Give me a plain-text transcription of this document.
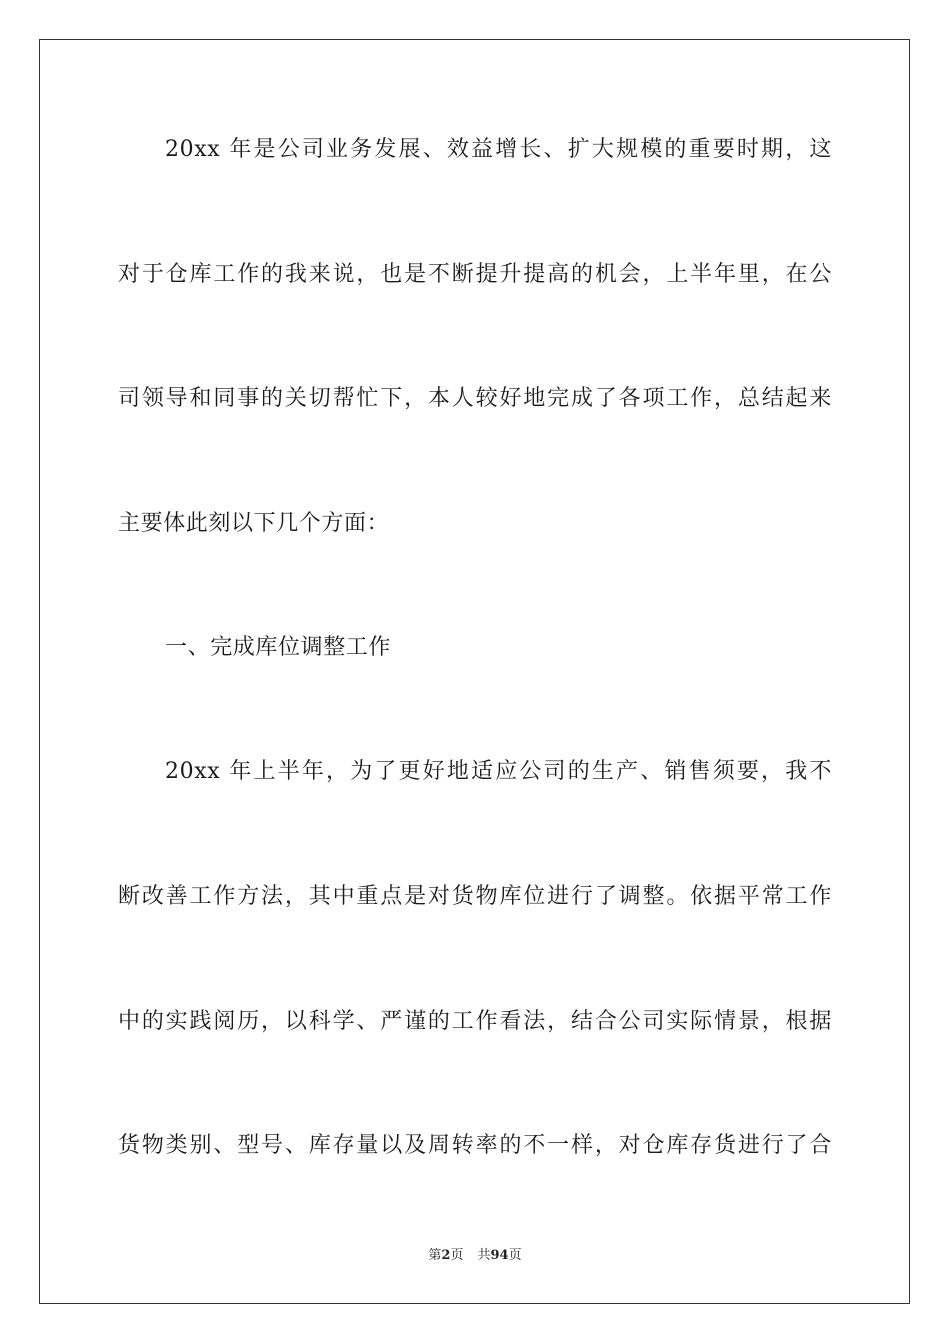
20xx 年是公司业务发展、效益增长、扩大规模的重要时期，这
对于仓库工作的我来说，也是不断提升提高的机会，上半年里，在公
司领导和同事的关切帮忙下，本人较好地完成了各项工作，总结起来
主要体此刻以下几个方面：
一、完成库位调整工作
20xx 年上半年，为了更好地适应公司的生产、销售须要，我不
断改善工作方法，其中重点是对货物库位进行了调整。依据平常工作
中的实践阅历，以科学、严谨的工作看法，结合公司实际情景，根据
货物类别、型号、库存量以及周转率的不一样，对仓库存货进行了合
第2页 共94页
